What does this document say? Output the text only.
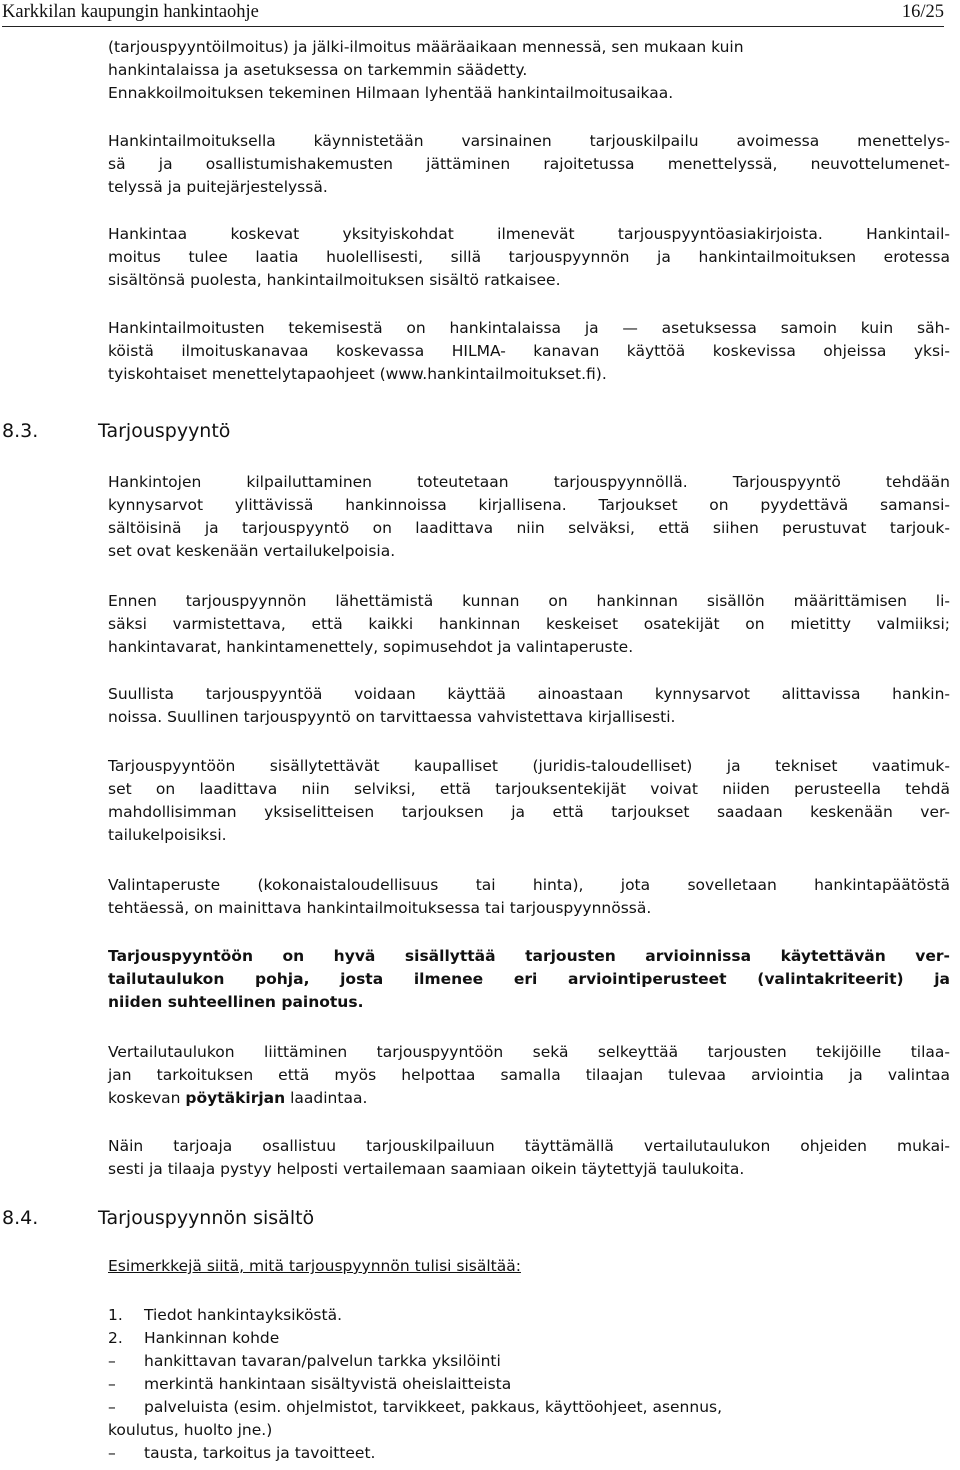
Karkkilan kaupungin hankintaohje	16/25

(tarjouspyyntöilmoitus) ja jälki-ilmoitus määräaikaan mennessä, sen mukaan kuin
hankintalaissa ja asetuksessa on tarkemmin säädetty.
Ennakkoilmoituksen tekeminen Hilmaan lyhentää hankintailmoitusaikaa.

Hankintailmoituksella käynnistetään varsinainen tarjouskilpailu avoimessa menettelys-
sä ja osallistumishakemusten jättäminen rajoitetussa menettelyssä, neuvottelumenet-
telyssä ja puitejärjestelyssä.

Hankintaa koskevat yksityiskohdat ilmenevät tarjouspyyntöasiakirjoista. Hankintail-
moitus tulee laatia huolellisesti, sillä tarjouspyynnön ja hankintailmoituksen erotessa
sisältönsä puolesta, hankintailmoituksen sisältö ratkaisee.

Hankintailmoitusten tekemisestä on hankintalaissa ja — asetuksessa samoin kuin säh-
köistä ilmoituskanavaa koskevassa HILMA- kanavan käyttöä koskevissa ohjeissa yksi-
tyiskohtaiset menettelytapaohjeet (www.hankintailmoitukset.fi).

8.3.	Tarjouspyyntö

Hankintojen kilpailuttaminen toteutetaan tarjouspyynnöllä. Tarjouspyyntö tehdään
kynnysarvot ylittävissä hankinnoissa kirjallisena. Tarjoukset on pyydettävä samansi-
sältöisinä ja tarjouspyyntö on laadittava niin selväksi, että siihen perustuvat tarjouk-
set ovat keskenään vertailukelpoisia.

Ennen tarjouspyynnön lähettämistä kunnan on hankinnan sisällön määrittämisen li-
säksi varmistettava, että kaikki hankinnan keskeiset osatekijät on mietitty valmiiksi;
hankintavarat, hankintamenettely, sopimusehdot ja valintaperuste.

Suullista tarjouspyyntöä voidaan käyttää ainoastaan kynnysarvot alittavissa hankin-
noissa. Suullinen tarjouspyyntö on tarvittaessa vahvistettava kirjallisesti.

Tarjouspyyntöön sisällytettävät kaupalliset (juridis-taloudelliset) ja tekniset vaatimuk-
set on laadittava niin selviksi, että tarjouksentekijät voivat niiden perusteella tehdä
mahdollisimman yksiselitteisen tarjouksen ja että tarjoukset saadaan keskenään ver-
tailukelpoisiksi.

Valintaperuste (kokonaistaloudellisuus tai hinta), jota sovelletaan hankintapäätöstä
tehtäessä, on mainittava hankintailmoituksessa tai tarjouspyynnössä.

Tarjouspyyntöön on hyvä sisällyttää tarjousten arvioinnissa käytettävän ver-
tailutaulukon pohja, josta ilmenee eri arviointiperusteet (valintakriteerit) ja
niiden suhteellinen painotus.

Vertailutaulukon liittäminen tarjouspyyntöön sekä selkeyttää tarjousten tekijöille tilaa-
jan tarkoituksen että myös helpottaa samalla tilaajan tulevaa arviointia ja valintaa
koskevan pöytäkirjan laadintaa.

Näin tarjoaja osallistuu tarjouskilpailuun täyttämällä vertailutaulukon ohjeiden mukai-
sesti ja tilaaja pystyy helposti vertailemaan saamiaan oikein täytettyjä taulukoita.

8.4.	Tarjouspyynnön sisältö

Esimerkkejä siitä, mitä tarjouspyynnön tulisi sisältää:

1. Tiedot hankintayksiköstä.
2. Hankinnan kohde
– hankittavan tavaran/palvelun tarkka yksilöinti
– merkintä hankintaan sisältyvistä oheislaitteista
– palveluista (esim. ohjelmistot, tarvikkeet, pakkaus, käyttöohjeet, asennus,
koulutus, huolto jne.)
– tausta, tarkoitus ja tavoitteet.
